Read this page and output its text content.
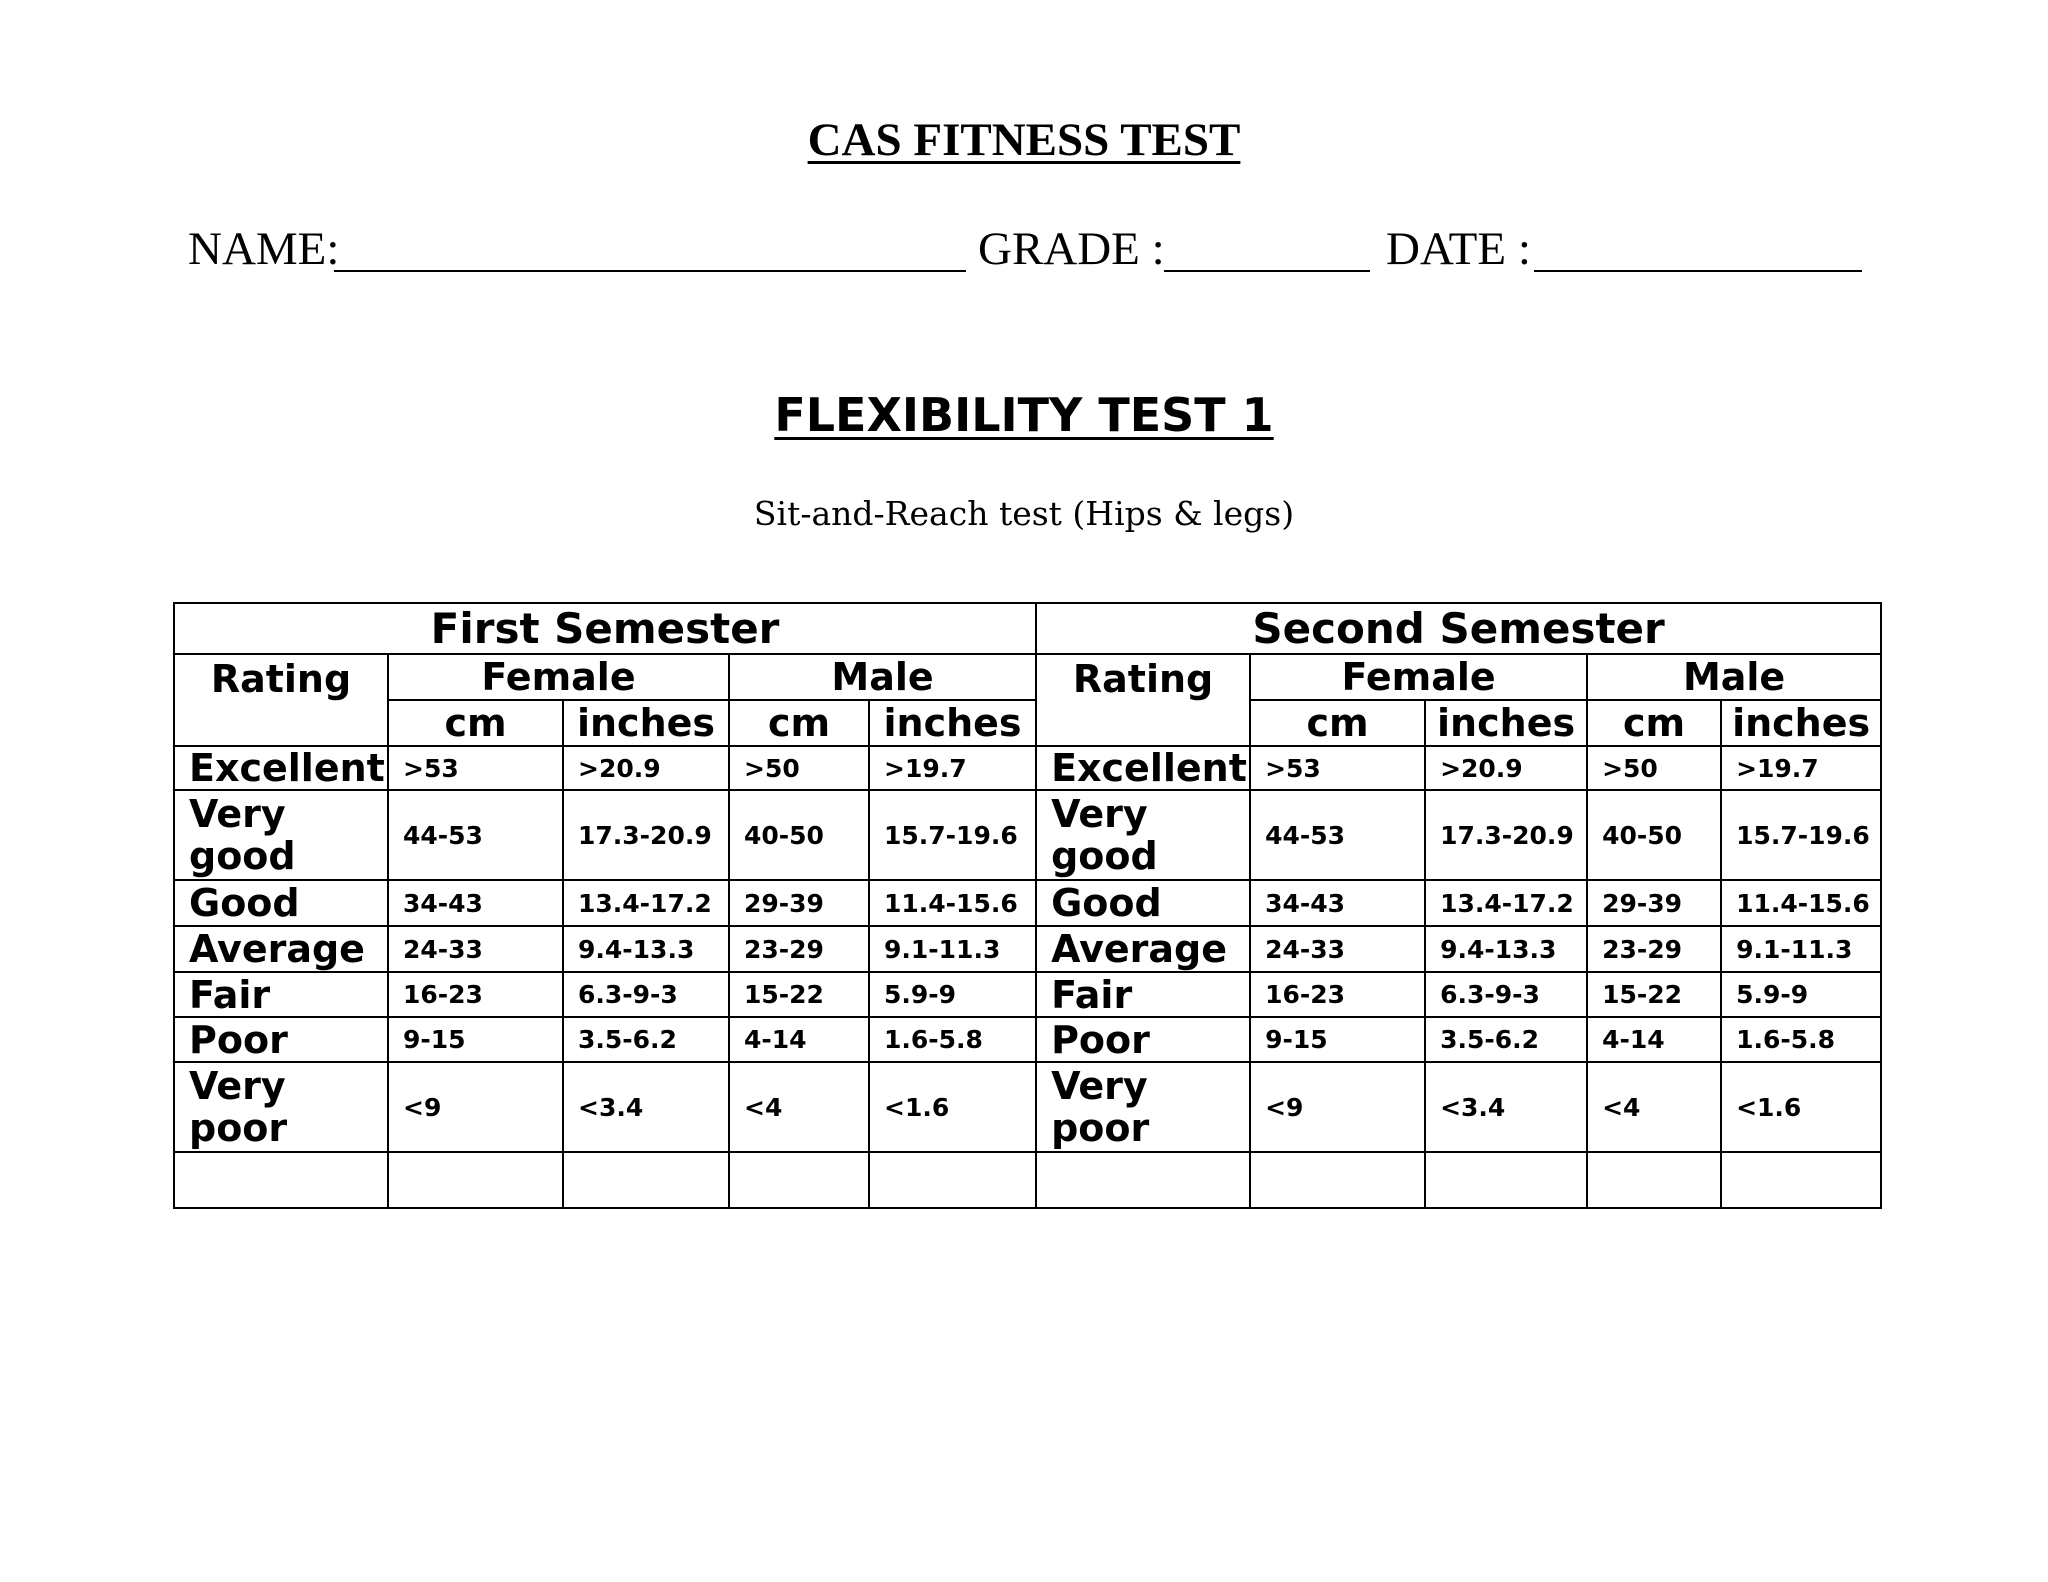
CAS FITNESS TEST
NAME:	GRADE :	DATE :
FLEXIBILITY TEST 1
Sit-and-Reach test (Hips & legs)
First Semester					Second Semester				
Rating	Female		Male		Rating	Female		Male	
	cm	inches	cm	inches		cm	inches	cm	inches
Excellent	>53	>20.9	>50	>19.7	Excellent	>53	>20.9	>50	>19.7
Very good	44-53	17.3-20.9	40-50	15.7-19.6	Very good	44-53	17.3-20.9	40-50	15.7-19.6
Good	34-43	13.4-17.2	29-39	11.4-15.6	Good	34-43	13.4-17.2	29-39	11.4-15.6
Average	24-33	9.4-13.3	23-29	9.1-11.3	Average	24-33	9.4-13.3	23-29	9.1-11.3
Fair	16-23	6.3-9-3	15-22	5.9-9	Fair	16-23	6.3-9-3	15-22	5.9-9
Poor	9-15	3.5-6.2	4-14	1.6-5.8	Poor	9-15	3.5-6.2	4-14	1.6-5.8
Very poor	<9	<3.4	<4	<1.6	Very poor	<9	<3.4	<4	<1.6
